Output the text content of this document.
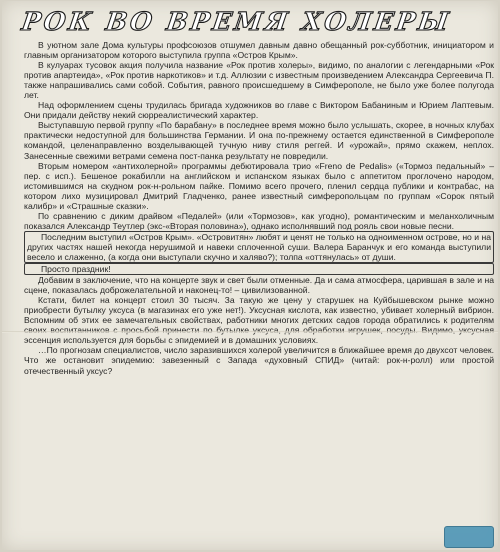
РОК ВО ВРЕМЯ ХОЛЕРЫ

В уютном зале Дома культуры профсоюзов отшумел давным давно обещанный рок-субботник, инициатором и главным организатором которого выступила группа «Остров Крым».

В кулуарах тусовок акция получила название «Рок против холеры», видимо, по аналогии с легендарными «Рок против апартеида», «Рок против наркотиков» и т.д. Аллюзии с известным произведением Александра Сергеевича П. также напрашивались сами собой. События, равного происшедшему в Симферополе, не было уже более полугода лет.

Над оформлением сцены трудилась бригада художников во главе с Виктором Бабаниным и Юрием Лаптевым. Они придали действу некий сюрреалистический характер.

Выступавшую первой группу «По барабану» в последнее время можно было услышать, скорее, в ночных клубах практически недоступной для большинства Германии. И она по-прежнему остается единственной в Симферополе командой, целенаправленно возделывающей тучную ниву стиля реггей. И «урожай», прямо скажем, неплох. Занесенные свежими ветрами семена пост-панка результату не повредили.

Вторым номером «антихолерной» программы дебютировала трио «Freno de Pedalis» («Тормоз педальный» – пер. с исп.). Бешеное рокабилли на английском и испанском языках было с аппетитом проглочено народом, истомившимся на скудном рок-н-рольном пайке. Помимо всего прочего, пленил сердца публики и контрабас, на котором лихо музицировал Дмитрий Гладченко, ранее известный симферопольцам по группам «Сорок пятый калибр» и «Страшные сказки».

По сравнению с диким драйвом «Педалей» (или «Тормозов», как угодно), романтическим и меланхоличным показался Александр Теутлер (экс-«Вторая половина»), однако исполнявший под рояль свои новые песни.

Последним выступил «Остров Крым». «Островитян» любят и ценят не только на одноименном острове, но и на других частях нашей некогда нерушимой и навеки сплоченной суши. Валера Баранчук и его команда выступили весело и слаженно, (а когда они выступали скучно и халяво?); толпа «оттянулась» от души.

Просто праздник!

Добавим в заключение, что на концерте звук и свет были отменные. Да и сама атмосфера, царившая в зале и на сцене, показалась доброжелательной и наконец-то! – цивилизованной.

Кстати, билет на концерт стоил 30 тысяч. За такую же цену у старушек на Куйбышевском рынке можно приобрести бутылку уксуса (в магазинах его уже нет!). Уксусная кислота, как известно, убивает холерный вибрион. Вспомним об этих ее замечательных свойствах, работники многих детских садов города обратились к родителям эссенция используется для борьбы с эпидемией и в домашних условиях.

…По прогнозам специалистов, число заразившихся холерой увеличится в ближайшее время до двухсот человек. Что же остановит эпидемию: завезенный с Запада «духовный СПИД» (читай: рок-н-ролл) или простой отечественный уксус?
